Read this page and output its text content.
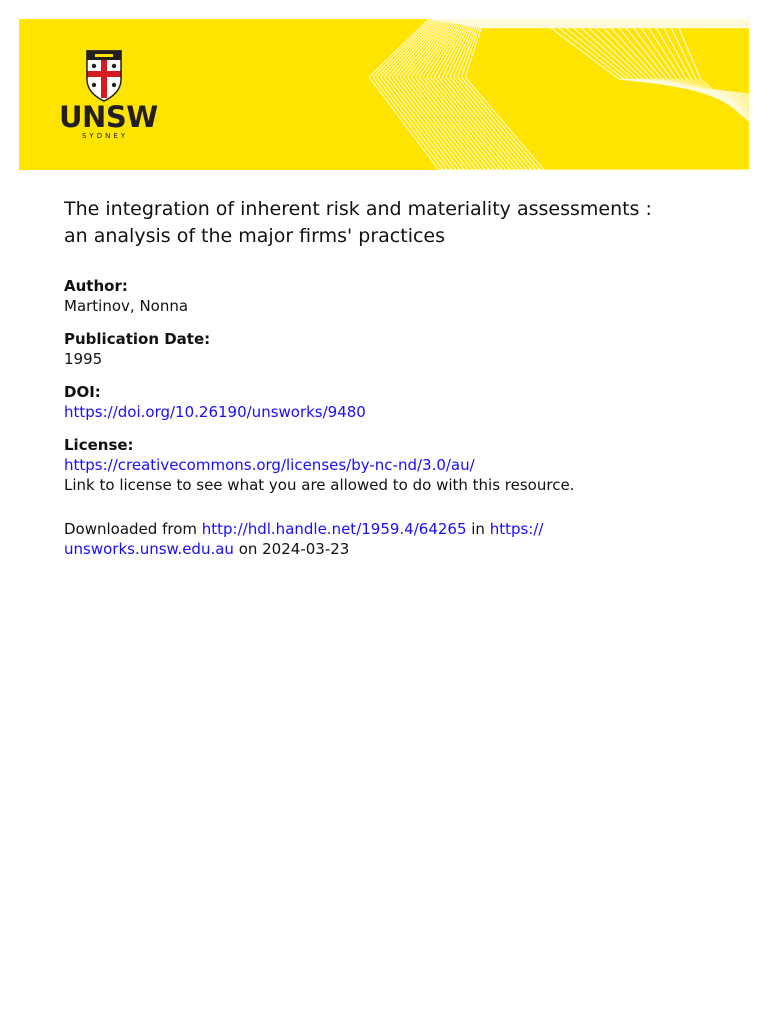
UNSW
SYDNEY
The integration of inherent risk and materiality assessments :
an analysis of the major firms' practices

Author:

Martinov, Nonna

Publication Date:

1995

DOI:

https://doi.org/10.26190/unsworks/9480

License:

https://creativecommons.org/licenses/by-nc-nd/3.0/au/

Link to license to see what you are allowed to do with this resource.

Downloaded from http://hdl.handle.net/1959.4/64265 in https://
unsworks.unsw.edu.au on 2024-03-23
